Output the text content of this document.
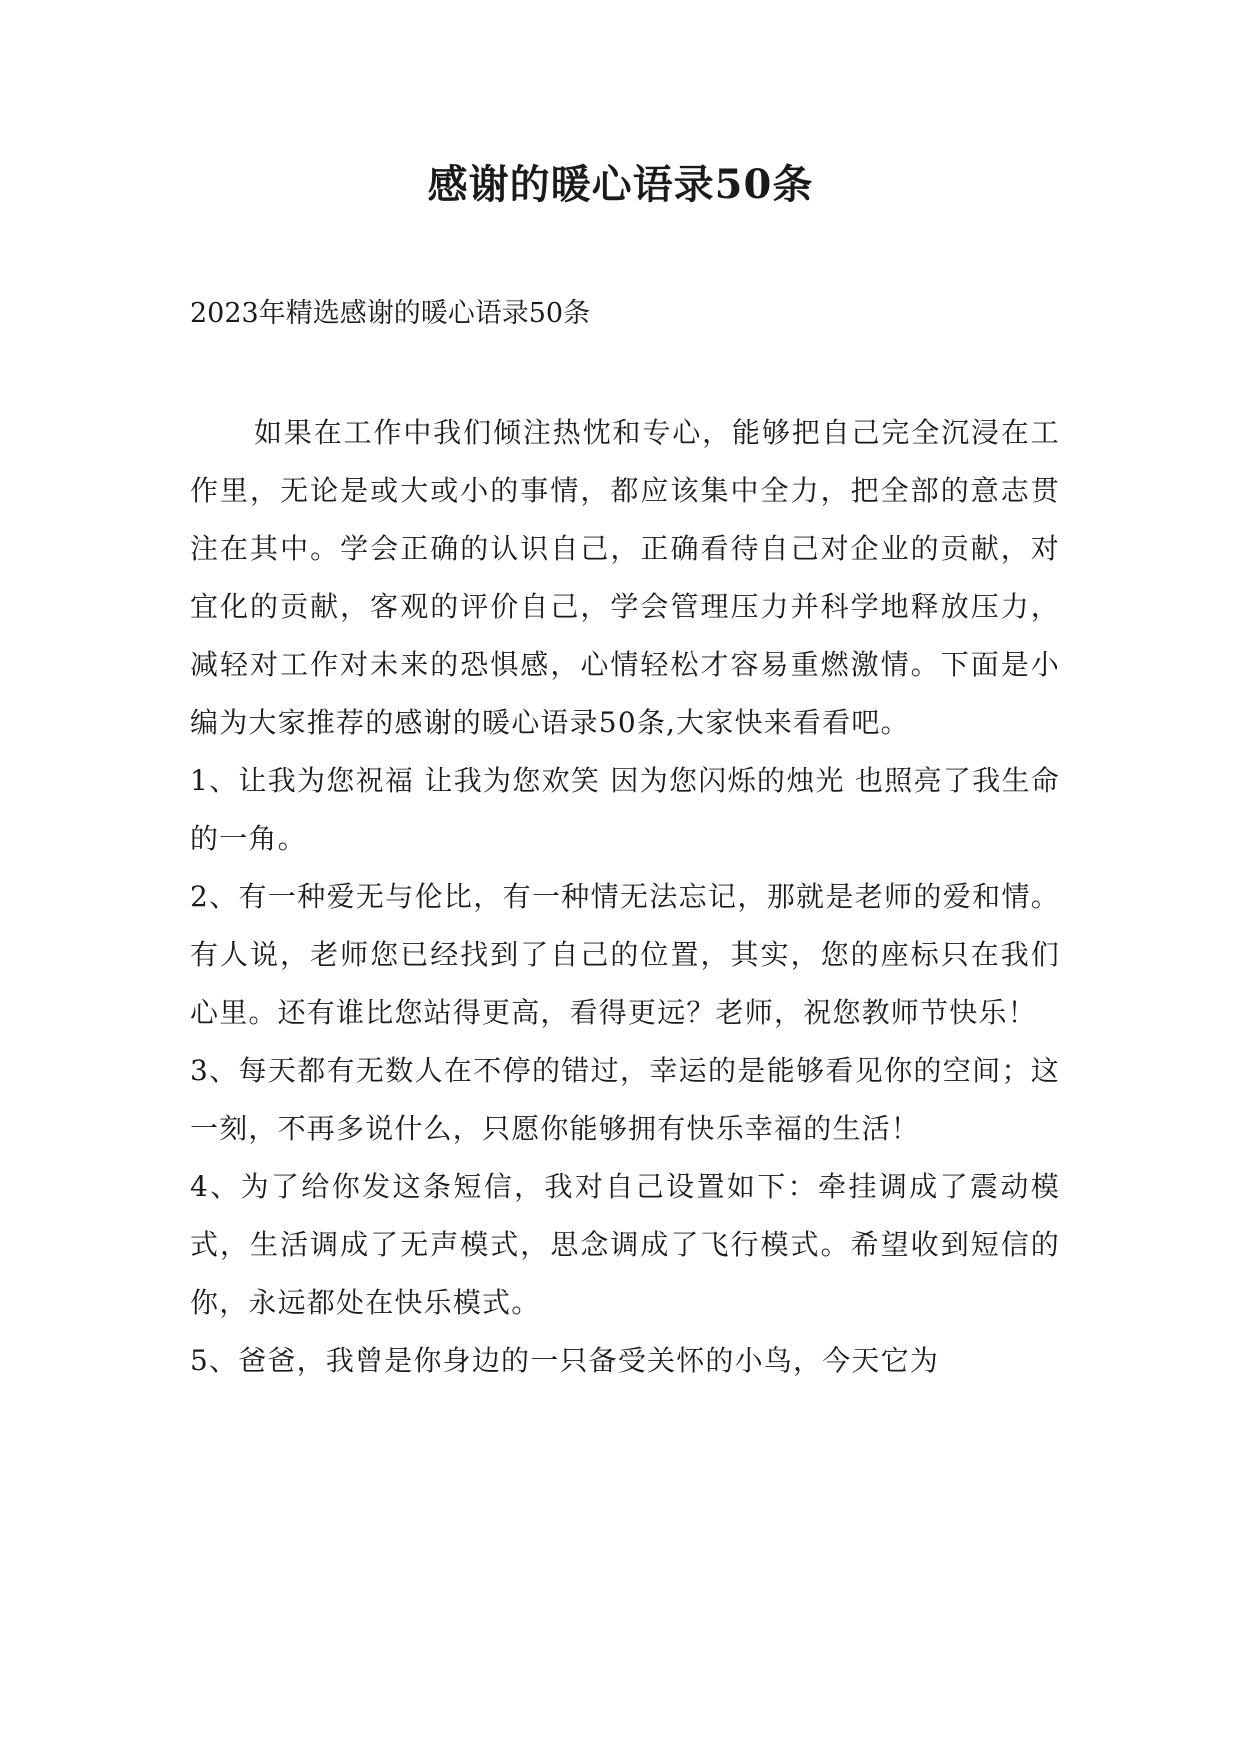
感谢的暖心语录50条

2023年精选感谢的暖心语录50条

如果在工作中我们倾注热忱和专心，能够把自己完全沉浸在工作里，无论是或大或小的事情，都应该集中全力，把全部的意志贯注在其中。学会正确的认识自己，正确看待自己对企业的贡献，对宜化的贡献，客观的评价自己，学会管理压力并科学地释放压力，减轻对工作对未来的恐惧感，心情轻松才容易重燃激情。下面是小编为大家推荐的感谢的暖心语录50条,大家快来看看吧。

1、让我为您祝福 让我为您欢笑 因为您闪烁的烛光 也照亮了我生命的一角。

2、有一种爱无与伦比，有一种情无法忘记，那就是老师的爱和情。 有人说，老师您已经找到了自己的位置，其实，您的座标只在我们心里。还有谁比您站得更高，看得更远？老师，祝您教师节快乐！

3、每天都有无数人在不停的错过，幸运的是能够看见你的空间；这一刻，不再多说什么，只愿你能够拥有快乐幸福的生活！

4、为了给你发这条短信，我对自己设置如下：牵挂调成了震动模式，生活调成了无声模式，思念调成了飞行模式。希望收到短信的你，永远都处在快乐模式。

5、爸爸，我曾是你身边的一只备受关怀的小鸟，今天它为
